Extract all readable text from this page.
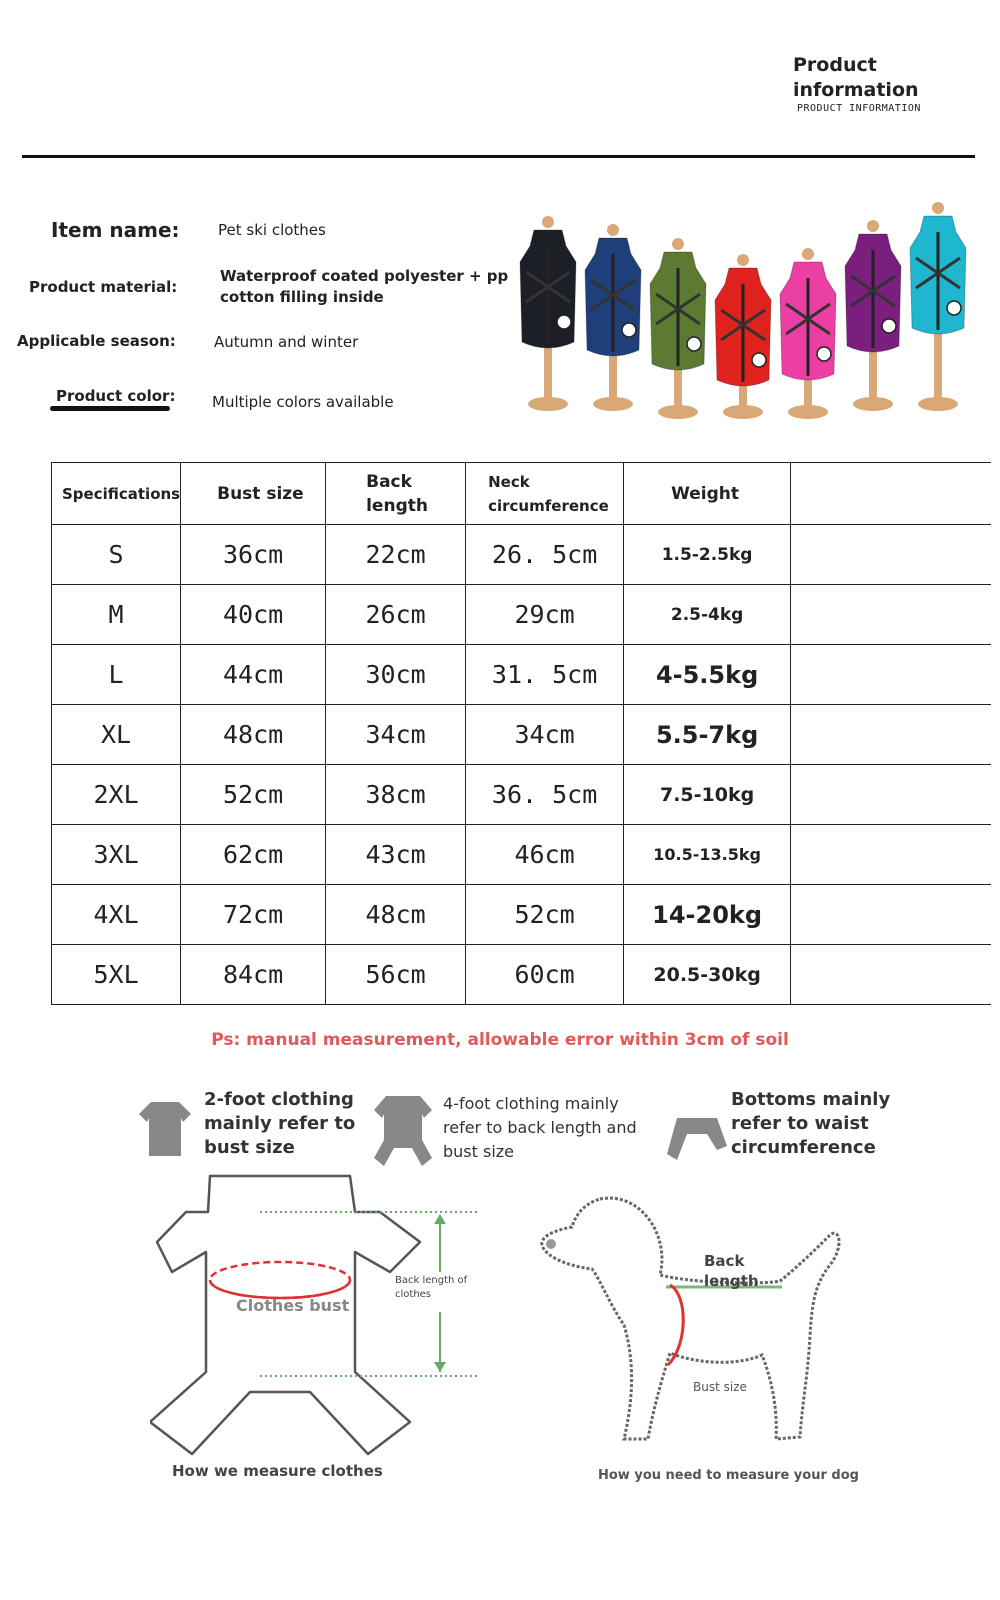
Product information
PRODUCT INFORMATION
Item name:	Pet ski clothes
Product material:
Waterproof coated polyester + pp
cotton filling inside
Applicable season:	Autumn and winter
Product color: Multiple colors available
Specifications	Bust size	Back length	Neck circumference	Weight	
S	36cm	22cm	26. 5cm	1.5-2.5kg	
M	40cm	26cm	29cm	2.5-4kg	
L	44cm	30cm	31. 5cm	4-5.5kg	
XL	48cm	34cm	34cm	5.5-7kg	
2XL	52cm	38cm	36. 5cm	7.5-10kg	
3XL	62cm	43cm	46cm	10.5-13.5kg	
4XL	72cm	48cm	52cm	14-20kg	
5XL	84cm	56cm	60cm	20.5-30kg	
Ps: manual measurement, allowable error within 3cm of soil
2-foot clothing
mainly refer to
bust size
4-foot clothing mainly
refer to back length and
bust size
Bottoms mainly
refer to waist
circumference
Clothes bust
Back length of
clothes
How we measure clothes
Back
length
Bust size
How you need to measure your dog
